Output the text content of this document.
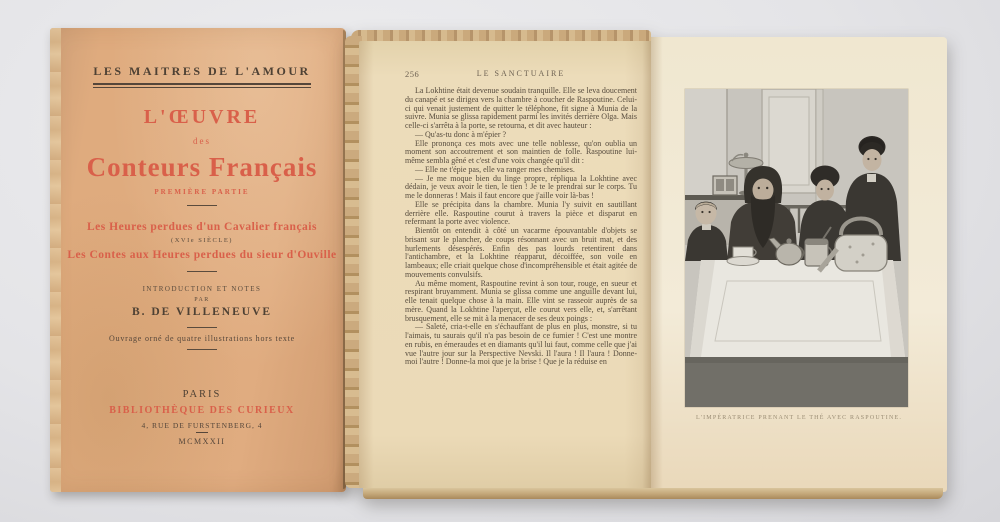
LES MAITRES DE L'AMOUR
L'ŒUVRE
des
Conteurs Français
PREMIÈRE PARTIE
Les Heures perdues d'un Cavalier français
(XVIe SIÈCLE)
Les Contes aux Heures perdues du sieur d'Ouville
INTRODUCTION ET NOTES
PAR
B. DE VILLENEUVE
Ouvrage orné de quatre illustrations hors texte
PARIS
BIBLIOTHÈQUE DES CURIEUX
4, RUE DE FURSTENBERG, 4
MCMXXII
256	LE SANCTUAIRE

La Lokhtine était devenue soudain tranquille. Elle se leva doucement du canapé et se dirigea vers la chambre à coucher de Raspoutine. Celui-ci qui venait justement de quitter le téléphone, fit signe à Munia de la suivre. Munia se glissa rapidement parmi les invités derrière Olga. Mais celle-ci s'arrêta à la porte, se retourna, et dit avec hauteur :

— Qu'as-tu donc à m'épier ?

Elle prononça ces mots avec une telle noblesse, qu'on oublia un moment son accoutrement et son maintien de folle. Raspoutine lui-même sembla gêné et c'est d'une voix changée qu'il dit :

— Elle ne t'épie pas, elle va ranger mes chemises.

— Je me moque bien du linge propre, répliqua la Lokhtine avec dédain, je veux avoir le tien, le tien ! Je te le prendrai sur le corps. Tu me le donneras ! Mais il faut encore que j'aille voir là-bas !

Elle se précipita dans la chambre. Munia l'y suivit en sautillant derrière elle. Raspoutine courut à travers la pièce et disparut en refermant la porte avec violence.

Bientôt on entendit à côté un vacarme épouvantable d'objets se brisant sur le plancher, de coups résonnant avec un bruit mat, et des hurlements désespérés. Enfin des pas lourds retentirent dans l'antichambre, et la Lokhtine réapparut, décoiffée, son voile en lambeaux; elle criait quelque chose d'incompréhensible et était agitée de mouvements convulsifs.

Au même moment, Raspoutine revint à son tour, rouge, en sueur et respirant bruyamment. Munia se glissa comme une anguille devant lui, elle tenait quelque chose à la main. Elle vint se rasseoir auprès de sa mère. Quand la Lokhtine l'aperçut, elle courut vers elle, et, s'arrêtant brusquement, elle se mit à la menacer de ses deux poings :

— Saleté, cria-t-elle en s'échauffant de plus en plus, monstre, si tu l'aimais, tu saurais qu'il n'a pas besoin de ce fumier ! C'est une montre en rubis, en émeraudes et en diamants qu'il lui faut, comme celle que j'ai vue l'autre jour sur la Perspective Nevski. Il l'aura ! Il l'aura ! Donne-moi l'autre ! Donne-la moi que je la brise ! Que je la réduise en

L'IMPÉRATRICE PRENANT LE THÉ AVEC RASPOUTINE.
